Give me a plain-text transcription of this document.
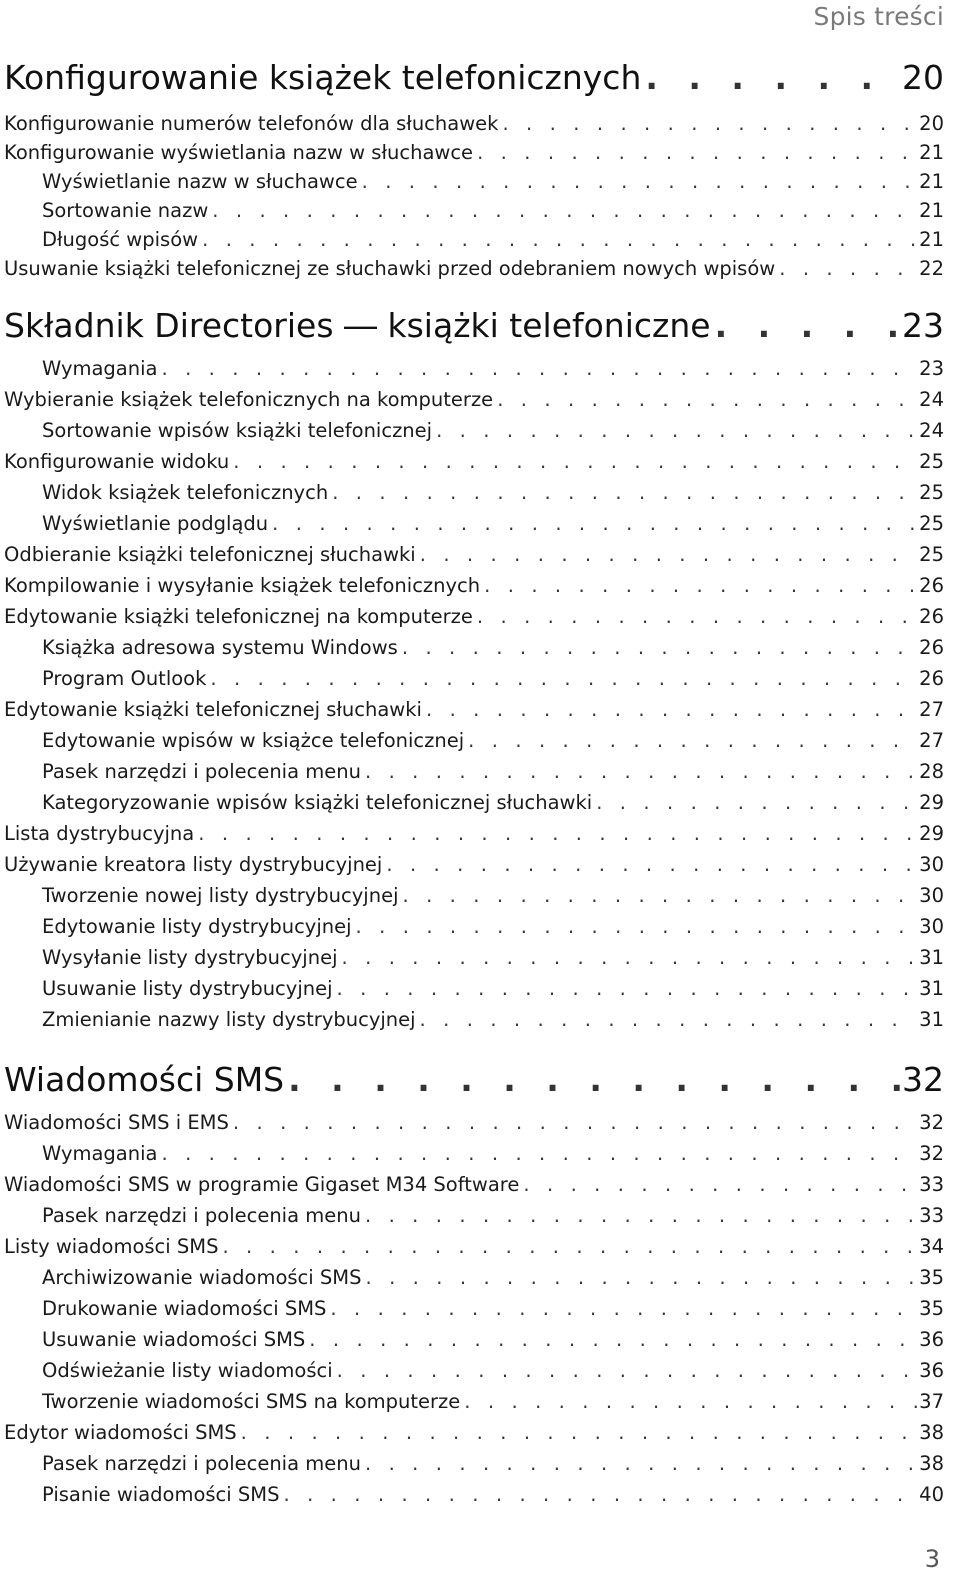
Spis treści
Konfigurowanie książek telefonicznych . . .	20
Konfigurowanie numerów telefonów dla słuchawek . . .	20
Konfigurowanie wyświetlania nazw w słuchawce . . .	21
Wyświetlanie nazw w słuchawce . . .	21
Sortowanie nazw . . .	21
Długość wpisów . . .	21
Usuwanie książki telefonicznej ze słuchawki przed odebraniem nowych wpisów . . .	22
Składnik Directories ― książki telefoniczne . . .	23
Wymagania . . .	23
Wybieranie książek telefonicznych na komputerze . . .	24
Sortowanie wpisów książki telefonicznej . . .	24
Konfigurowanie widoku . . .	25
Widok książek telefonicznych . . .	25
Wyświetlanie podglądu . . .	25
Odbieranie książki telefonicznej słuchawki . . .	25
Kompilowanie i wysyłanie książek telefonicznych . . .	26
Edytowanie książki telefonicznej na komputerze . . .	26
Książka adresowa systemu Windows . . .	26
Program Outlook . . .	26
Edytowanie książki telefonicznej słuchawki . . .	27
Edytowanie wpisów w książce telefonicznej . . .	27
Pasek narzędzi i polecenia menu . . .	28
Kategoryzowanie wpisów książki telefonicznej słuchawki . . .	29
Lista dystrybucyjna . . .	29
Używanie kreatora listy dystrybucyjnej . . .	30
Tworzenie nowej listy dystrybucyjnej . . .	30
Edytowanie listy dystrybucyjnej . . .	30
Wysyłanie listy dystrybucyjnej . . .	31
Usuwanie listy dystrybucyjnej . . .	31
Zmienianie nazwy listy dystrybucyjnej . . .	31
Wiadomości SMS . . .	32
Wiadomości SMS i EMS . . .	32
Wymagania . . .	32
Wiadomości SMS w programie Gigaset M34 Software . . .	33
Pasek narzędzi i polecenia menu . . .	33
Listy wiadomości SMS . . .	34
Archiwizowanie wiadomości SMS . . .	35
Drukowanie wiadomości SMS . . .	35
Usuwanie wiadomości SMS . . .	36
Odświeżanie listy wiadomości . . .	36
Tworzenie wiadomości SMS na komputerze . . .	37
Edytor wiadomości SMS . . .	38
Pasek narzędzi i polecenia menu . . .	38
Pisanie wiadomości SMS . . .	40
3
